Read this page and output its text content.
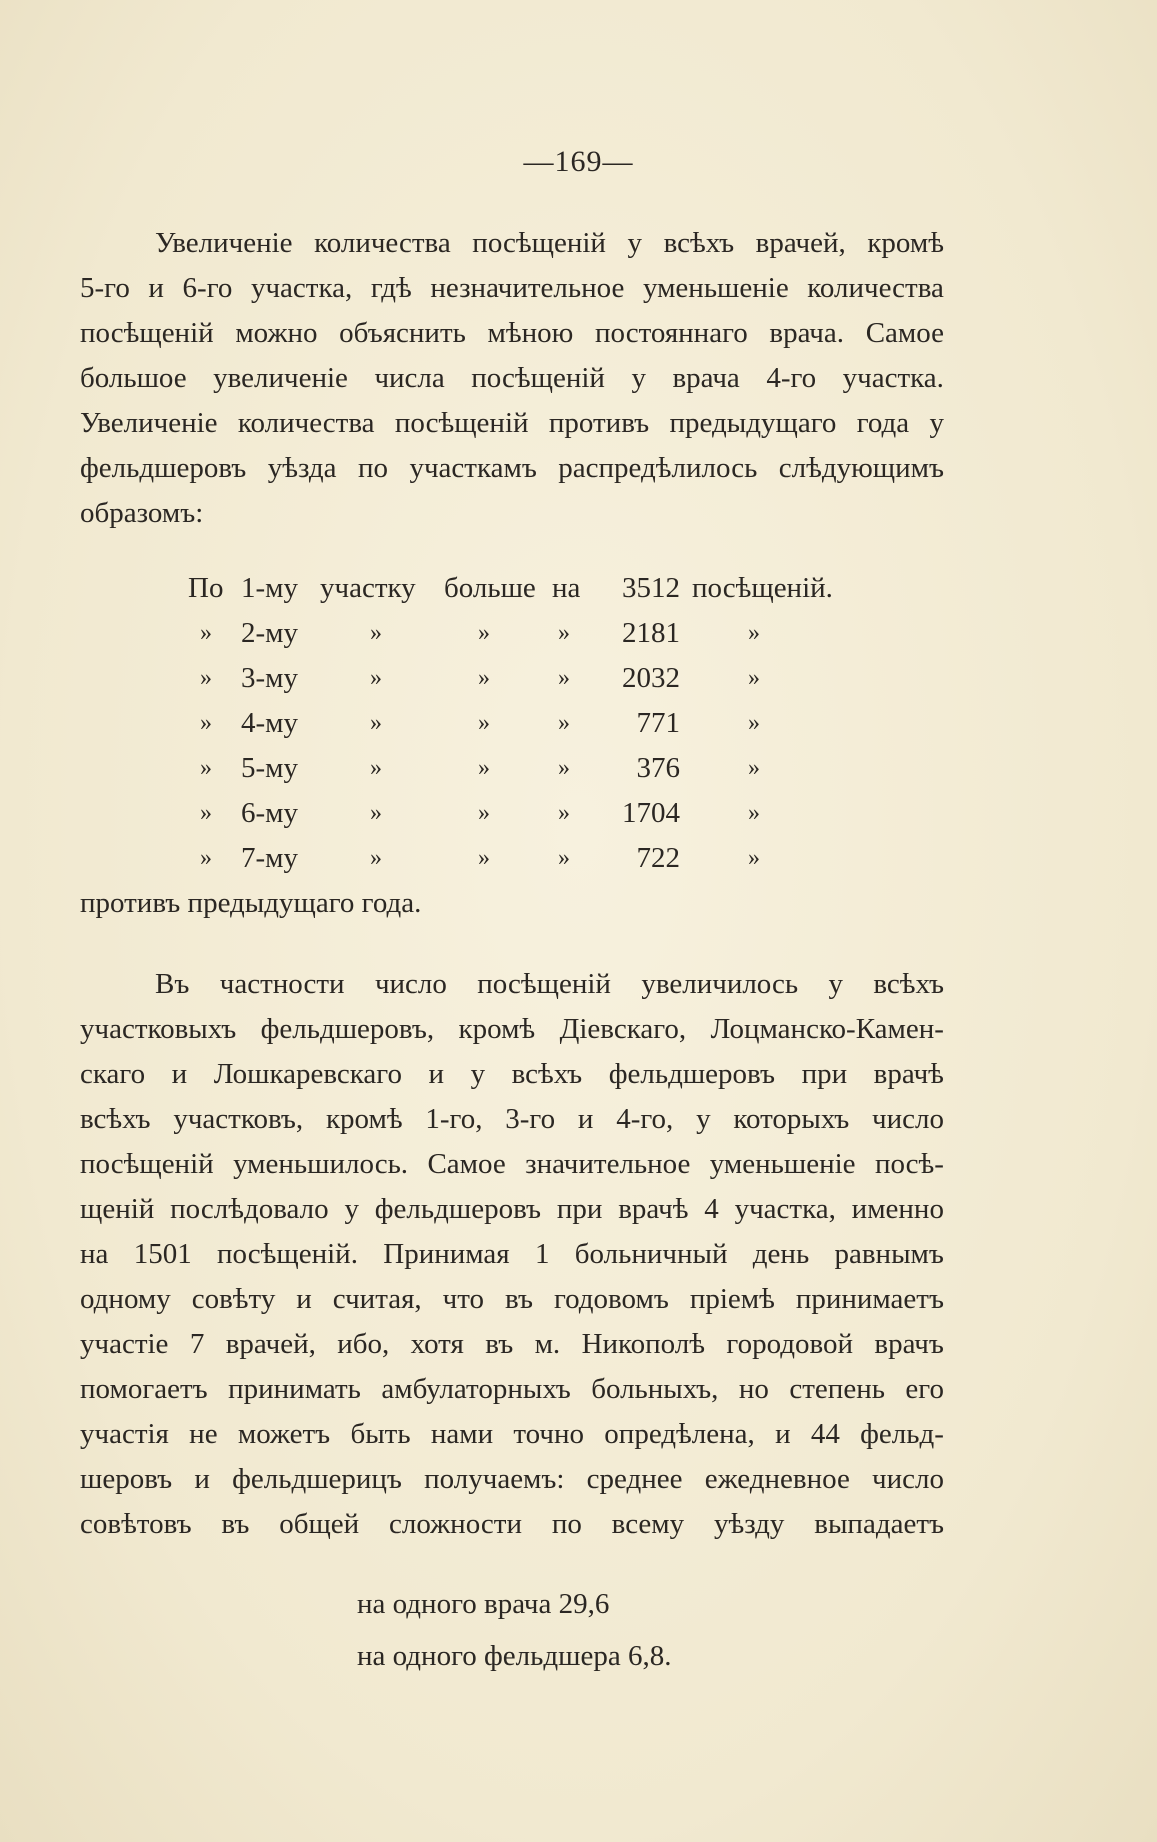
—169—
Увеличеніе количества посѣщеній у всѣхъ врачей, кромѣ
5-го и 6-го участка, гдѣ незначительное уменьшеніе количества
посѣщеній можно объяснить мѣною постояннаго врача. Самое
большое увеличеніе числа посѣщеній у врача 4-го участка.
Увеличеніе количества посѣщеній противъ предыдущаго года у
фельдшеровъ уѣзда по участкамъ распредѣлилось слѣдующимъ
образомъ:
По 1-му участку больше на	3512 посѣщеній.
» 2-му	»	»	»	2181	»
» 3-му	»	»	»	2032	»
» 4-му	»	»	»	771	»
» 5-му	»	»	»	376	»
» 6-му	»	»	»	1704	»
» 7-му	»	»	»	722	»
противъ предыдущаго года.
Въ частности число посѣщеній увеличилось у всѣхъ
участковыхъ фельдшеровъ, кромѣ Діевскаго, Лоцманско-Камен-
скаго и Лошкаревскаго и у всѣхъ фельдшеровъ при врачѣ
всѣхъ участковъ, кромѣ 1-го, 3-го и 4-го, у которыхъ число
посѣщеній уменьшилось. Самое значительное уменьшеніе посѣ-
щеній послѣдовало у фельдшеровъ при врачѣ 4 участка, именно
на 1501 посѣщеній. Принимая 1 больничный день равнымъ
одному совѣту и считая, что въ годовомъ пріемѣ принимаетъ
участіе 7 врачей, ибо, хотя въ м. Никополѣ городовой врачъ
помогаетъ принимать амбулаторныхъ больныхъ, но степень его
участія не можетъ быть нами точно опредѣлена, и 44 фельд-
шеровъ и фельдшерицъ получаемъ: среднее ежедневное число
совѣтовъ въ общей сложности по всему уѣзду выпадаетъ
на одного врача 29,6
на одного фельдшера 6,8.
